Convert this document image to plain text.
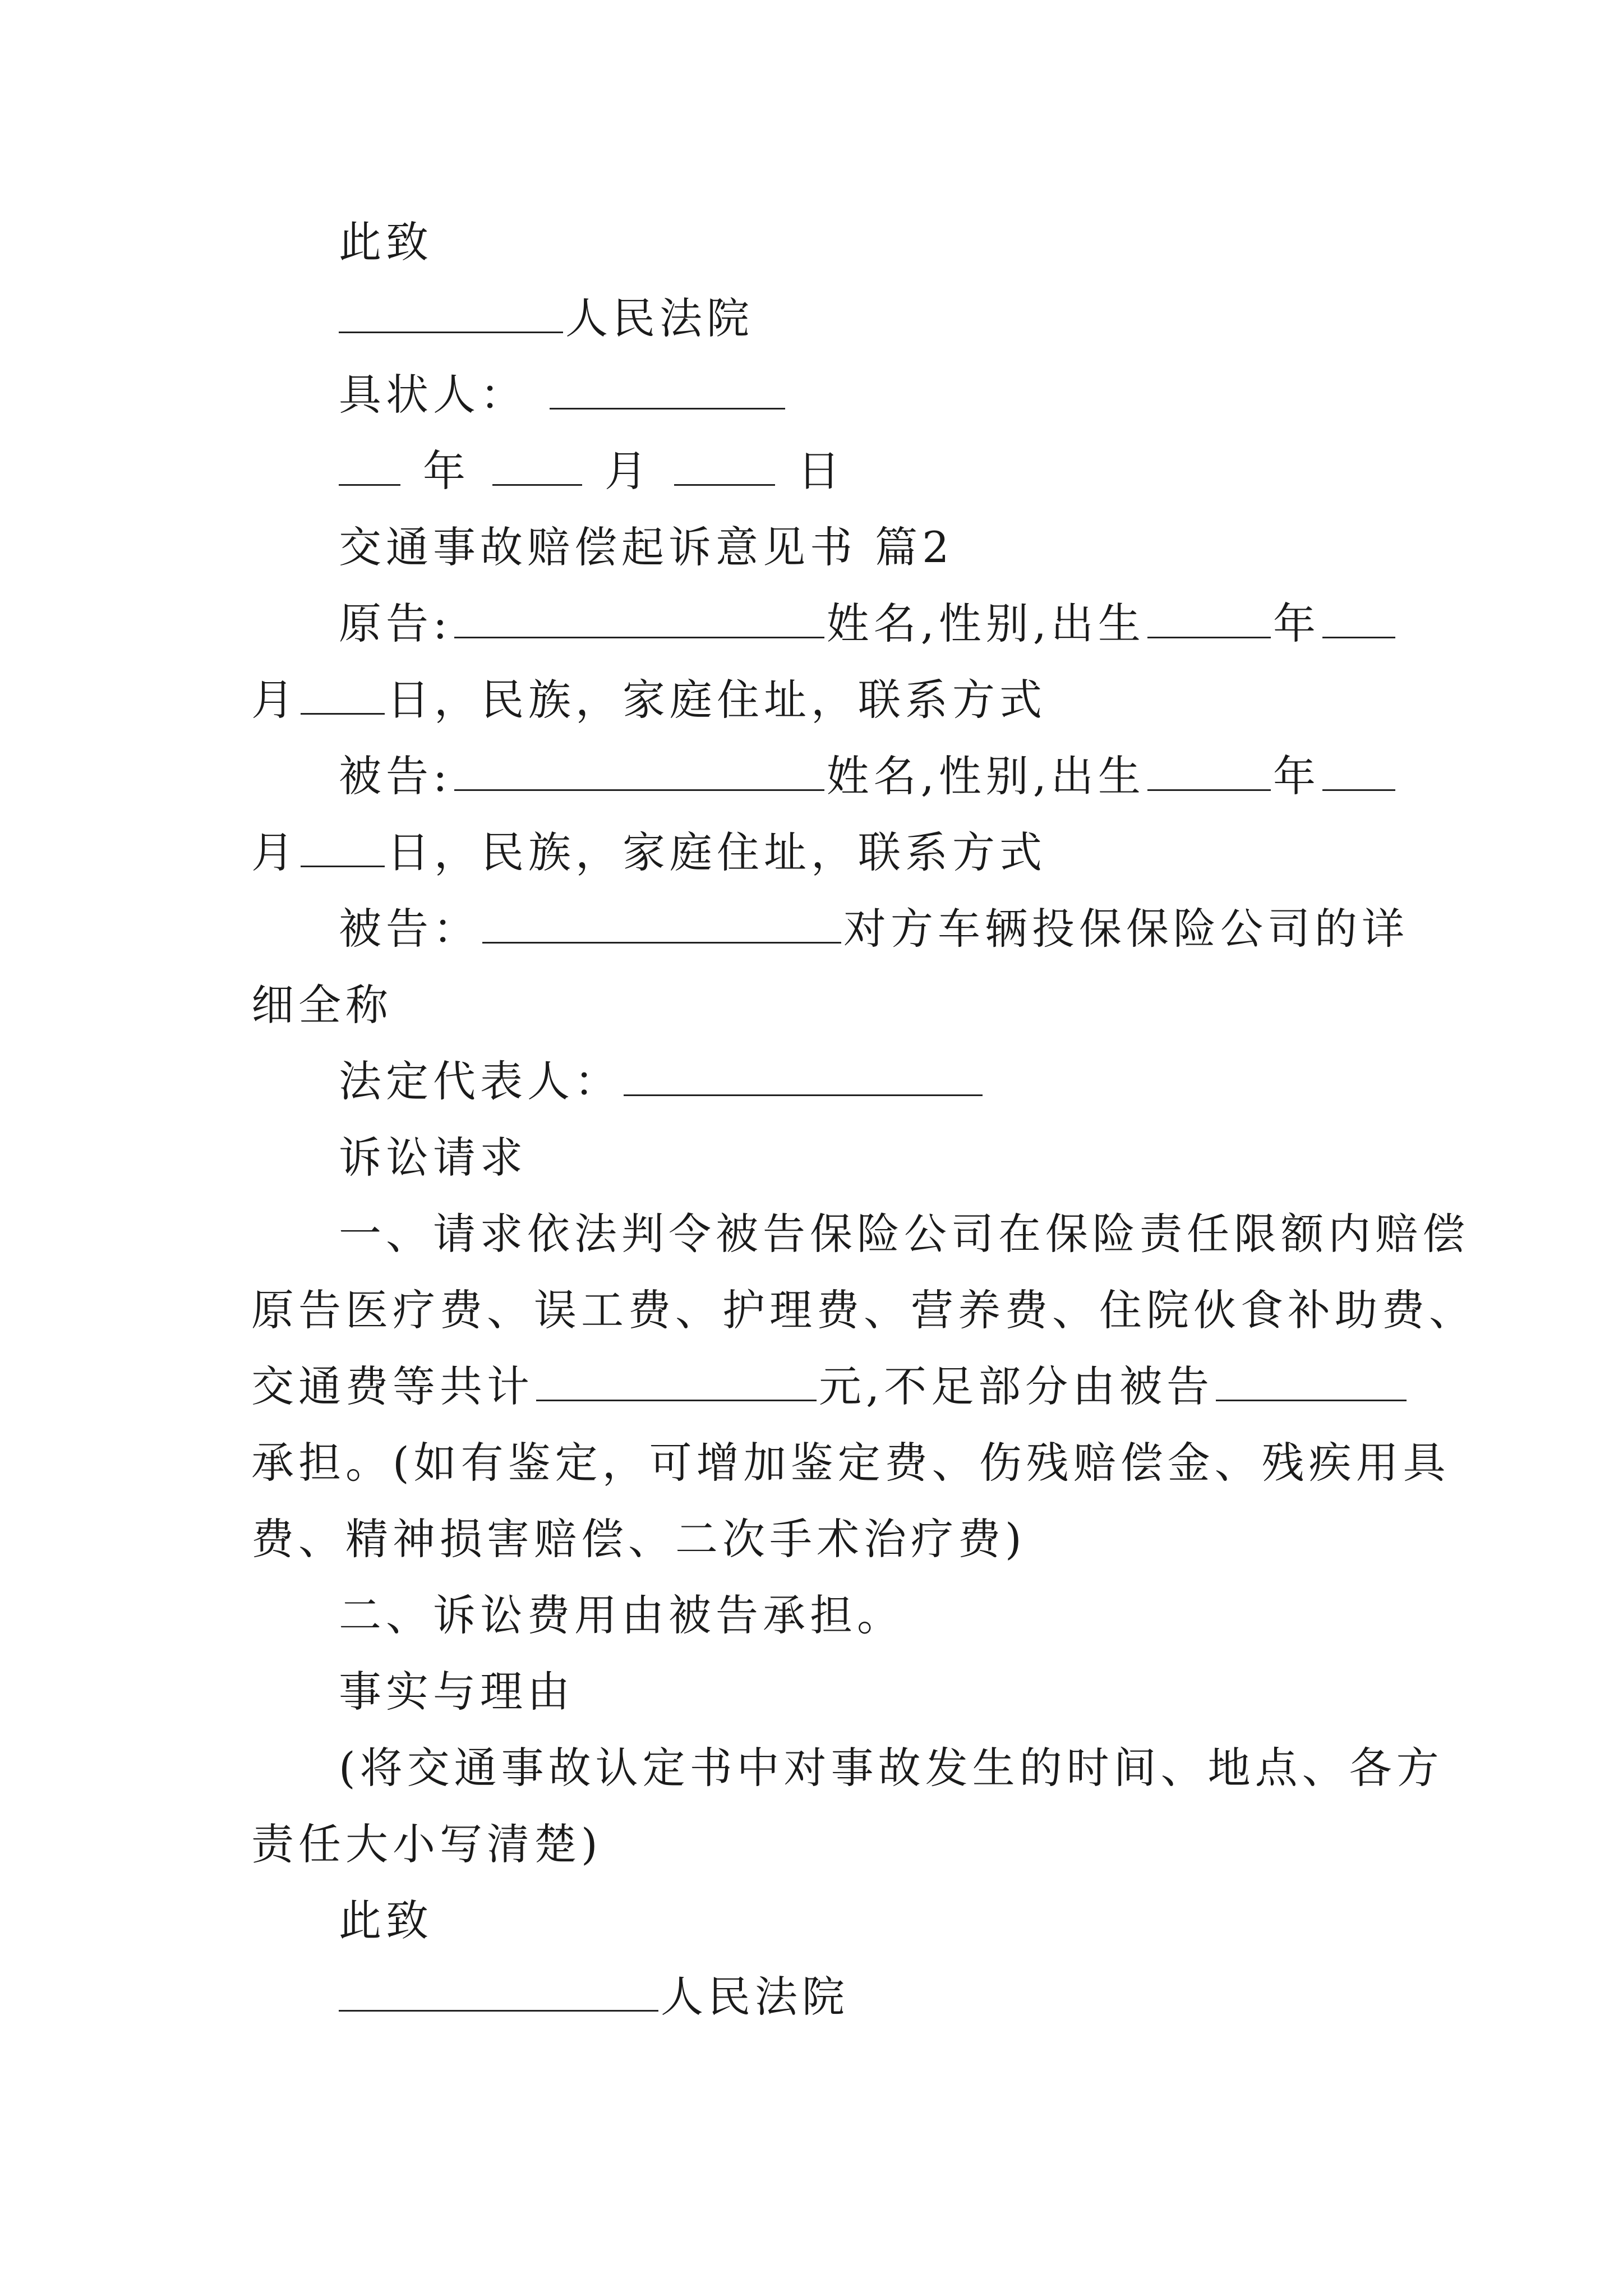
此致
人民法院
具状人：
年	月	日
交通事故赔偿起诉意见书 篇2
原告:	姓名,性别,出生	年
月 日，民族，家庭住址，联系方式
被告:	姓名,性别,出生	年
月 日，民族，家庭住址，联系方式
被告：	对方车辆投保保险公司的详
细全称
法定代表人：
诉讼请求
一、请求依法判令被告保险公司在保险责任限额内赔偿
原告医疗费、误工费、护理费、营养费、住院伙食补助费、
交通费等共计	元,不足部分由被告
承担。(如有鉴定，可增加鉴定费、伤残赔偿金、残疾用具
费、精神损害赔偿、二次手术治疗费)
二、诉讼费用由被告承担。
事实与理由
(将交通事故认定书中对事故发生的时间、地点、各方
责任大小写清楚)
此致
人民法院
